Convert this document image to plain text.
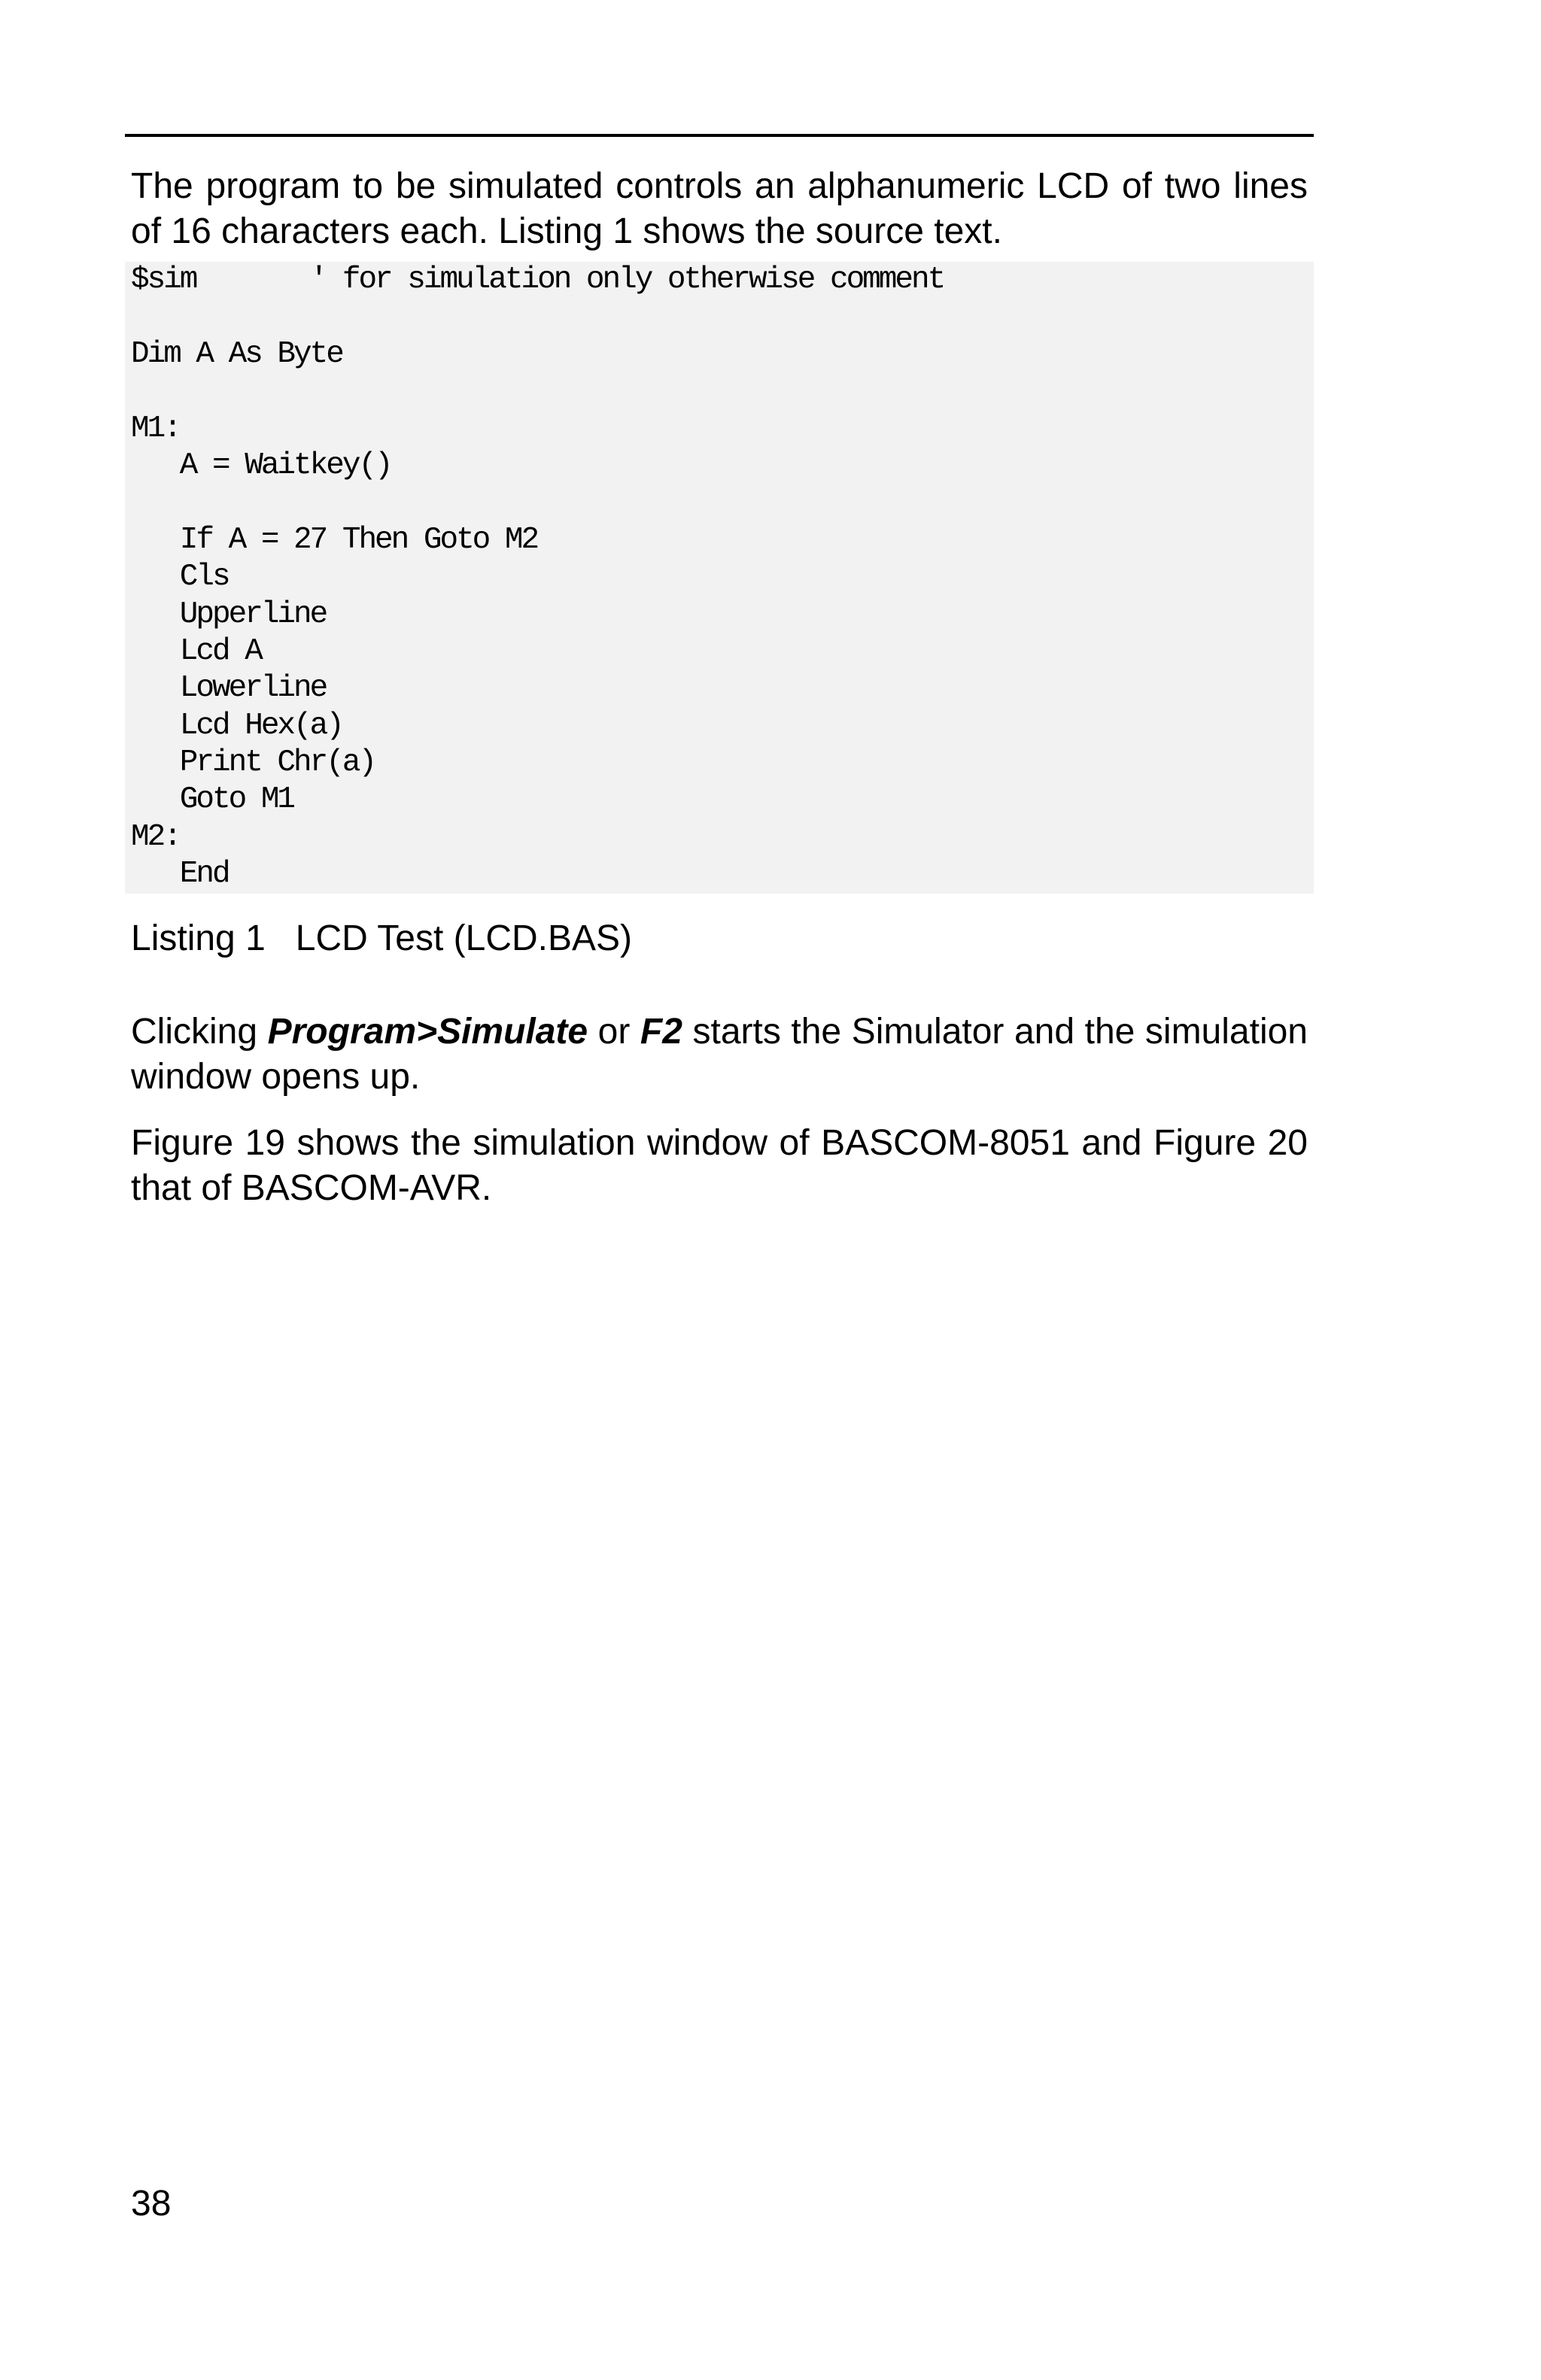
The program to be simulated controls an alphanumeric LCD of two lines of 16 characters each. Listing 1 shows the source text.

$sim       ' for simulation only otherwise comment
Dim A As Byte
M1:
A = Waitkey()
If A = 27 Then Goto M2
Cls
Upperline
Lcd A
Lowerline
Lcd Hex(a)
Print Chr(a)
Goto M1
M2:
End
Listing 1   LCD Test (LCD.BAS)

Clicking Program>Simulate or F2 starts the Simulator and the simulation window opens up.

Figure 19 shows the simulation window of BASCOM-8051 and Figure 20 that of BASCOM-AVR.

38
